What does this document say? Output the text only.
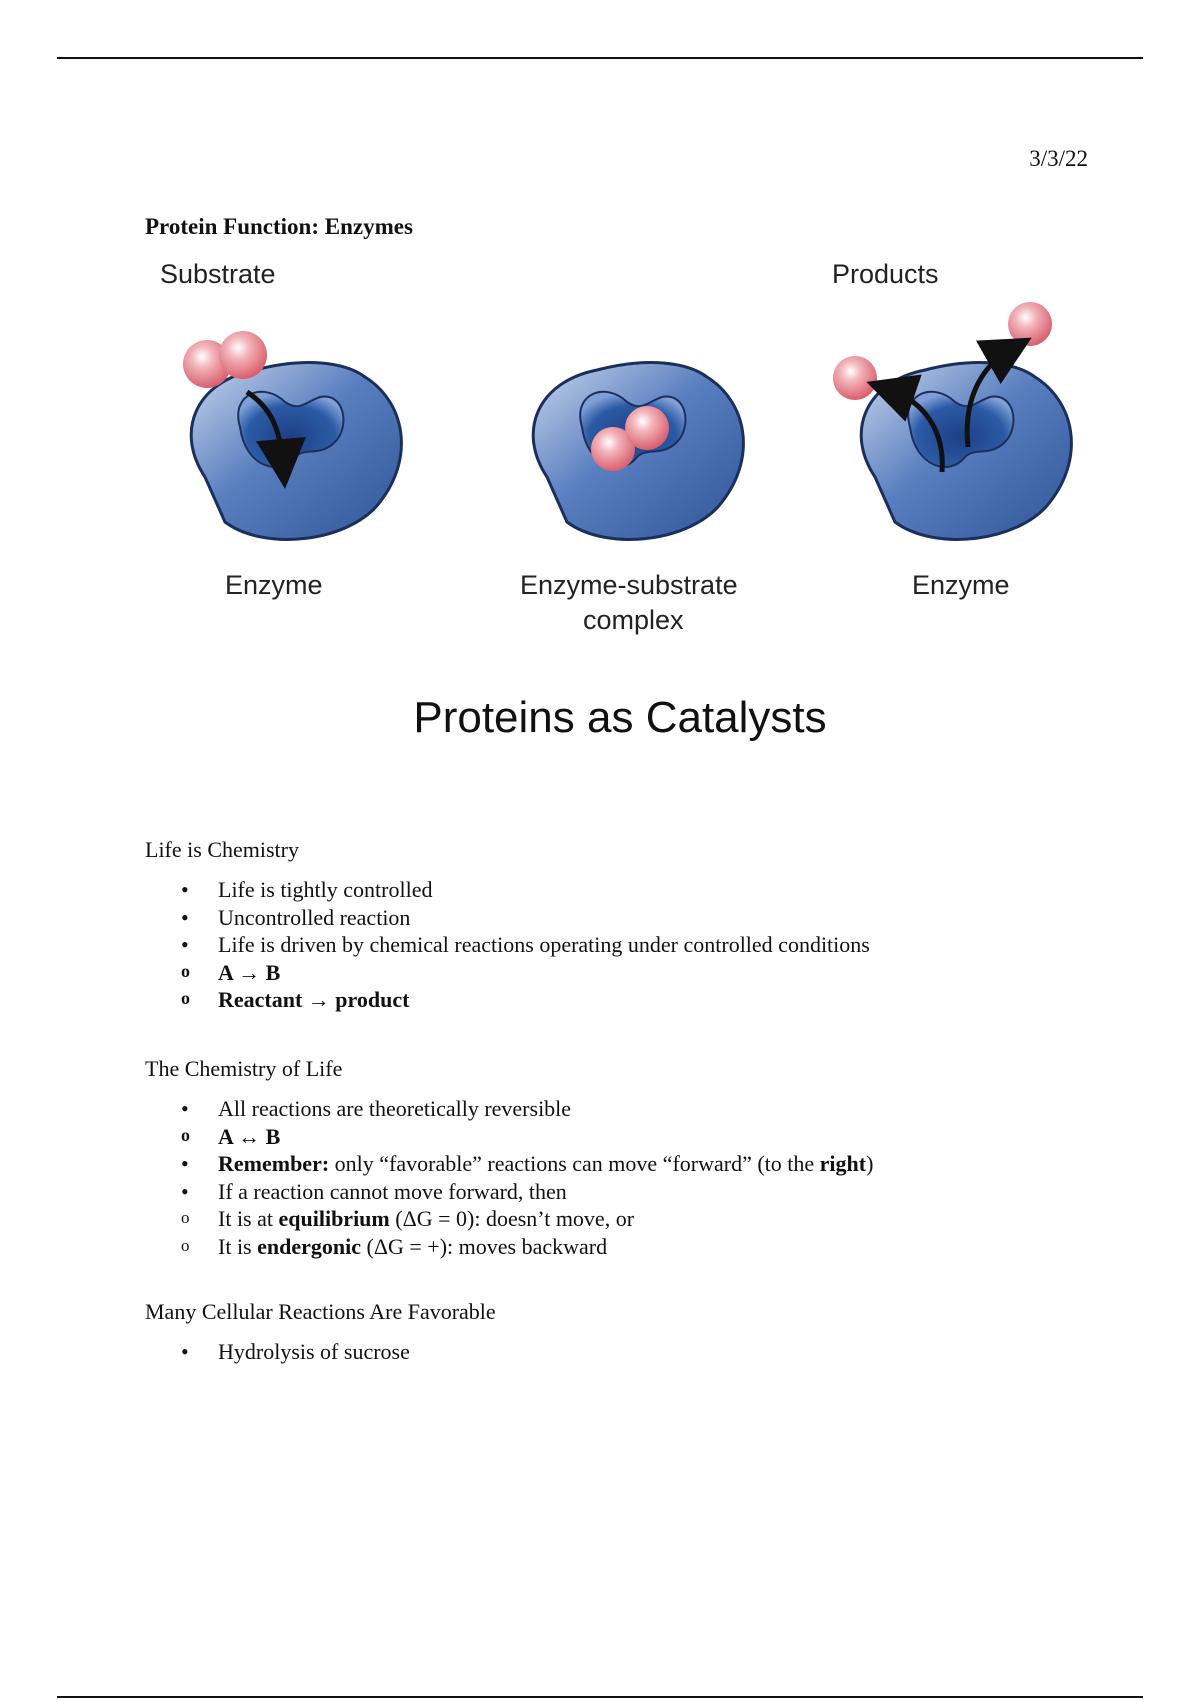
3/3/22
Protein Function: Enzymes
Substrate	Products
Enzyme	Enzyme-substrate
complex
Enzyme
Proteins as Catalysts
Life is Chemistry
• Life is tightly controlled
• Uncontrolled reaction
• Life is driven by chemical reactions operating under controlled conditions
o A → B
o Reactant → product
The Chemistry of Life
• All reactions are theoretically reversible
o A ↔ B
• Remember: only “favorable” reactions can move “forward” (to the right)
• If a reaction cannot move forward, then
o It is at equilibrium (ΔG = 0): doesn’t move, or
o It is endergonic (ΔG = +): moves backward
Many Cellular Reactions Are Favorable
• Hydrolysis of sucrose
